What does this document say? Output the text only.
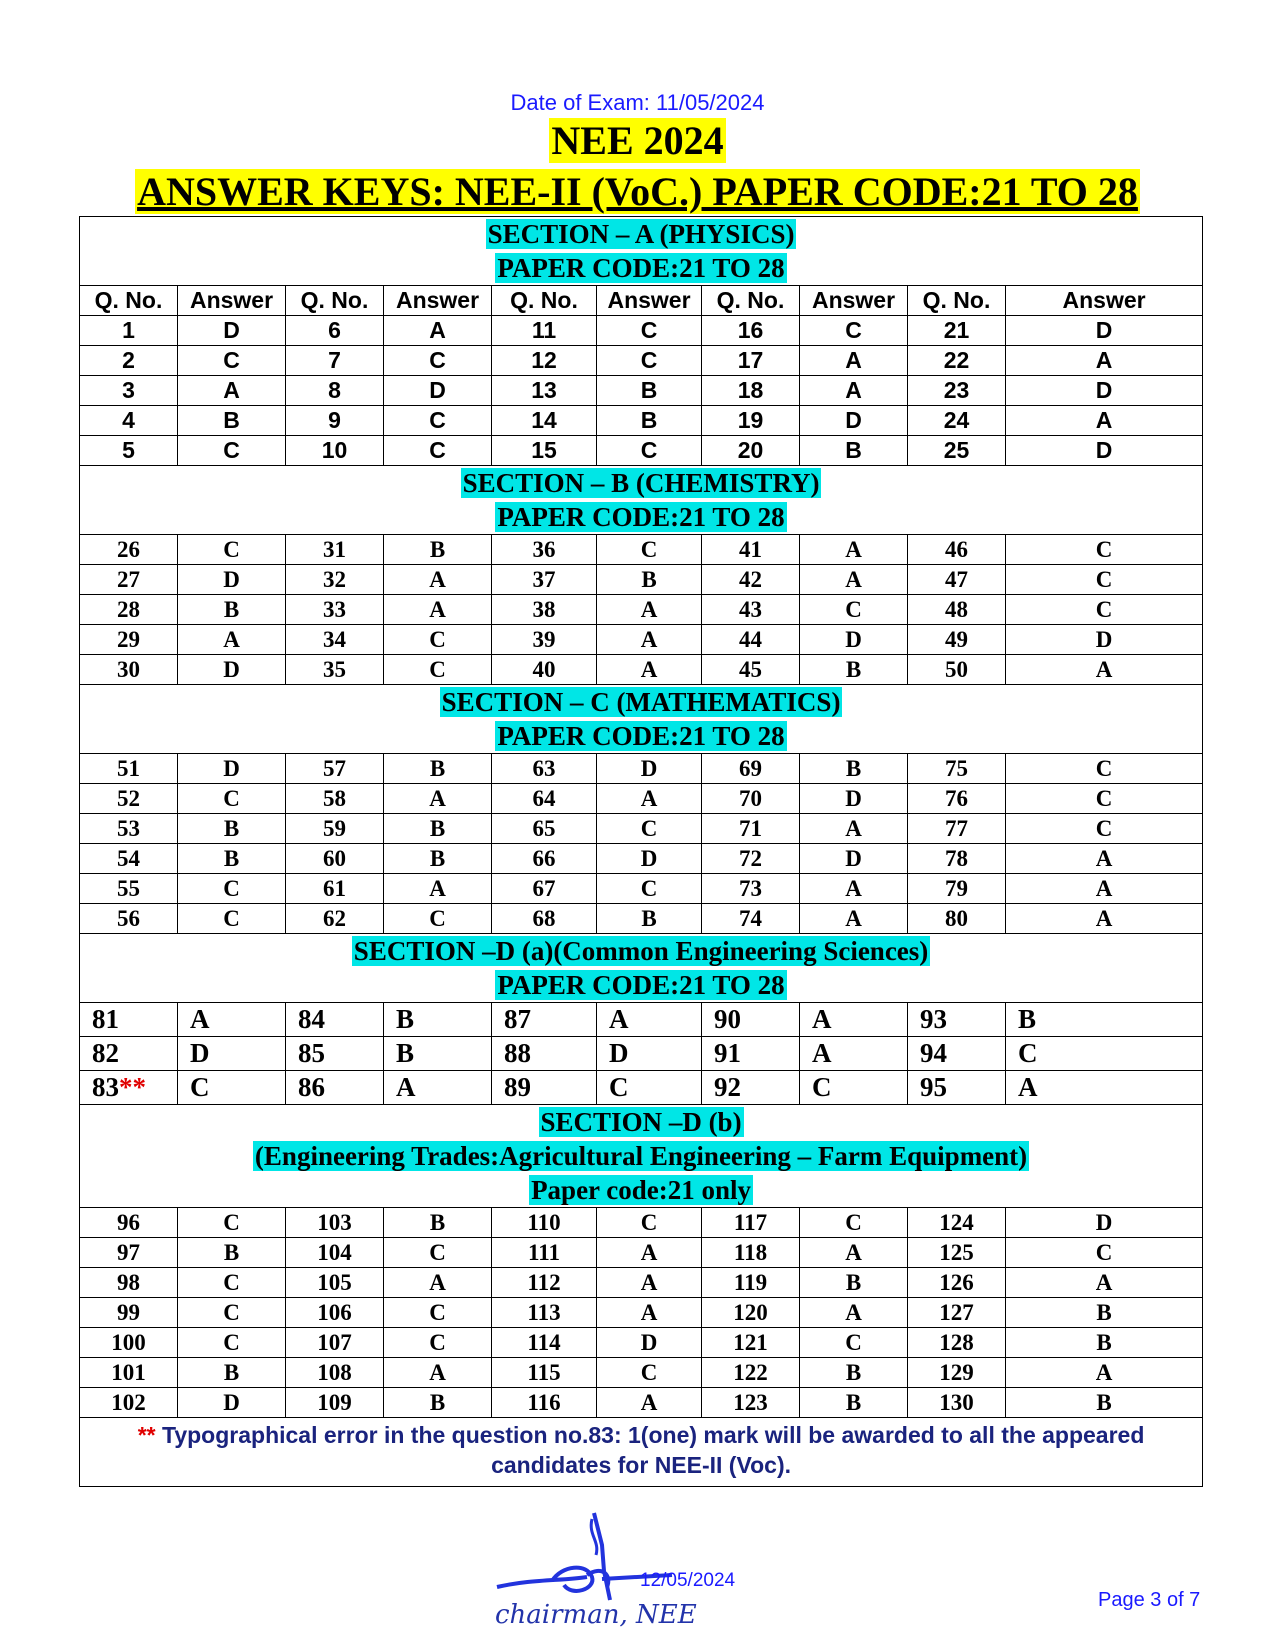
Date of Exam: 11/05/2024
NEE 2024
ANSWER KEYS: NEE-II (VoC.) PAPER CODE:21 TO 28
SECTION – A (PHYSICS)
PAPER CODE:21 TO 28									
Q. No.	Answer	Q. No.	Answer	Q. No.	Answer	Q. No.	Answer	Q. No.	Answer
1	D	6	A	11	C	16	C	21	D
2	C	7	C	12	C	17	A	22	A
3	A	8	D	13	B	18	A	23	D
4	B	9	C	14	B	19	D	24	A
5	C	10	C	15	C	20	B	25	D
SECTION – B (CHEMISTRY)
PAPER CODE:21 TO 28									
26	C	31	B	36	C	41	A	46	C
27	D	32	A	37	B	42	A	47	C
28	B	33	A	38	A	43	C	48	C
29	A	34	C	39	A	44	D	49	D
30	D	35	C	40	A	45	B	50	A
SECTION – C (MATHEMATICS)
PAPER CODE:21 TO 28									
51	D	57	B	63	D	69	B	75	C
52	C	58	A	64	A	70	D	76	C
53	B	59	B	65	C	71	A	77	C
54	B	60	B	66	D	72	D	78	A
55	C	61	A	67	C	73	A	79	A
56	C	62	C	68	B	74	A	80	A
SECTION –D (a)(Common Engineering Sciences)
PAPER CODE:21 TO 28									
81	A	84	B	87	A	90	A	93	B
82	D	85	B	88	D	91	A	94	C
83**	C	86	A	89	C	92	C	95	A
SECTION –D (b)
(Engineering Trades:Agricultural Engineering – Farm Equipment)
Paper code:21 only									
96	C	103	B	110	C	117	C	124	D
97	B	104	C	111	A	118	A	125	C
98	C	105	A	112	A	119	B	126	A
99	C	106	C	113	A	120	A	127	B
100	C	107	C	114	D	121	C	128	B
101	B	108	A	115	C	122	B	129	A
102	D	109	B	116	A	123	B	130	B
** Typographical error in the question no.83: 1(one) mark will be awarded to all the appeared candidates for NEE-II (Voc).									
12/05/2024
chairman, NEE	Page 3 of 7
